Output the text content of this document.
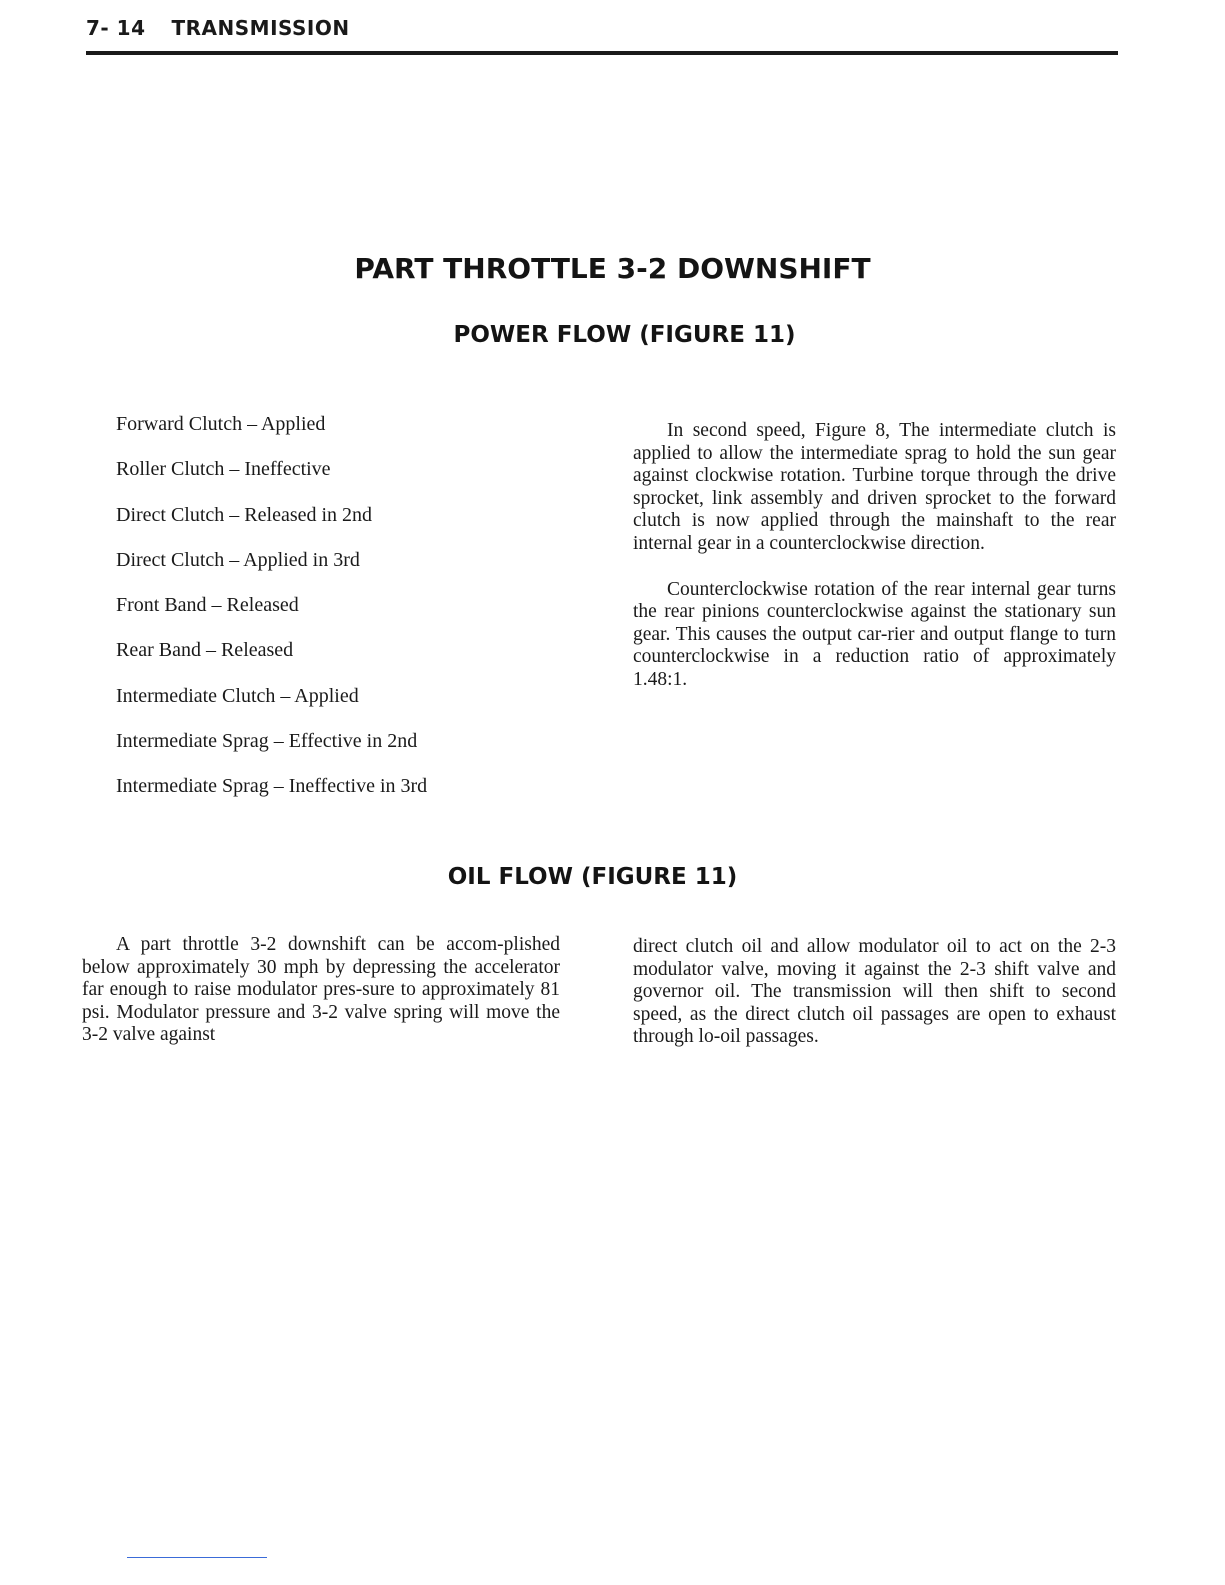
7- 14 TRANSMISSION
PART THROTTLE 3-2 DOWNSHIFT
POWER FLOW (FIGURE 11)
Forward Clutch – Applied
Roller Clutch – Ineffective
Direct Clutch – Released in 2nd
Direct Clutch – Applied in 3rd
Front Band – Released
Rear Band – Released
Intermediate Clutch – Applied
Intermediate Sprag – Effective in 2nd
Intermediate Sprag – Ineffective in 3rd

In second speed, Figure 8, The intermediate clutch is applied to allow the intermediate sprag to hold the sun gear against clockwise rotation. Turbine torque through the drive sprocket, link assembly and driven sprocket to the forward clutch is now applied through the mainshaft to the rear internal gear in a counterclockwise direction.

Counterclockwise rotation of the rear internal gear turns the rear pinions counterclockwise against the stationary sun gear. This causes the output car-rier and output flange to turn counterclockwise in a reduction ratio of approximately 1.48:1.

OIL FLOW (FIGURE 11)

A part throttle 3-2 downshift can be accom-plished below approximately 30 mph by depressing the accelerator far enough to raise modulator pres-sure to approximately 81 psi. Modulator pressure and 3-2 valve spring will move the 3-2 valve against

direct clutch oil and allow modulator oil to act on the 2-3 modulator valve, moving it against the 2-3 shift valve and governor oil. The transmission will then shift to second speed, as the direct clutch oil passages are open to exhaust through lo-oil passages.
